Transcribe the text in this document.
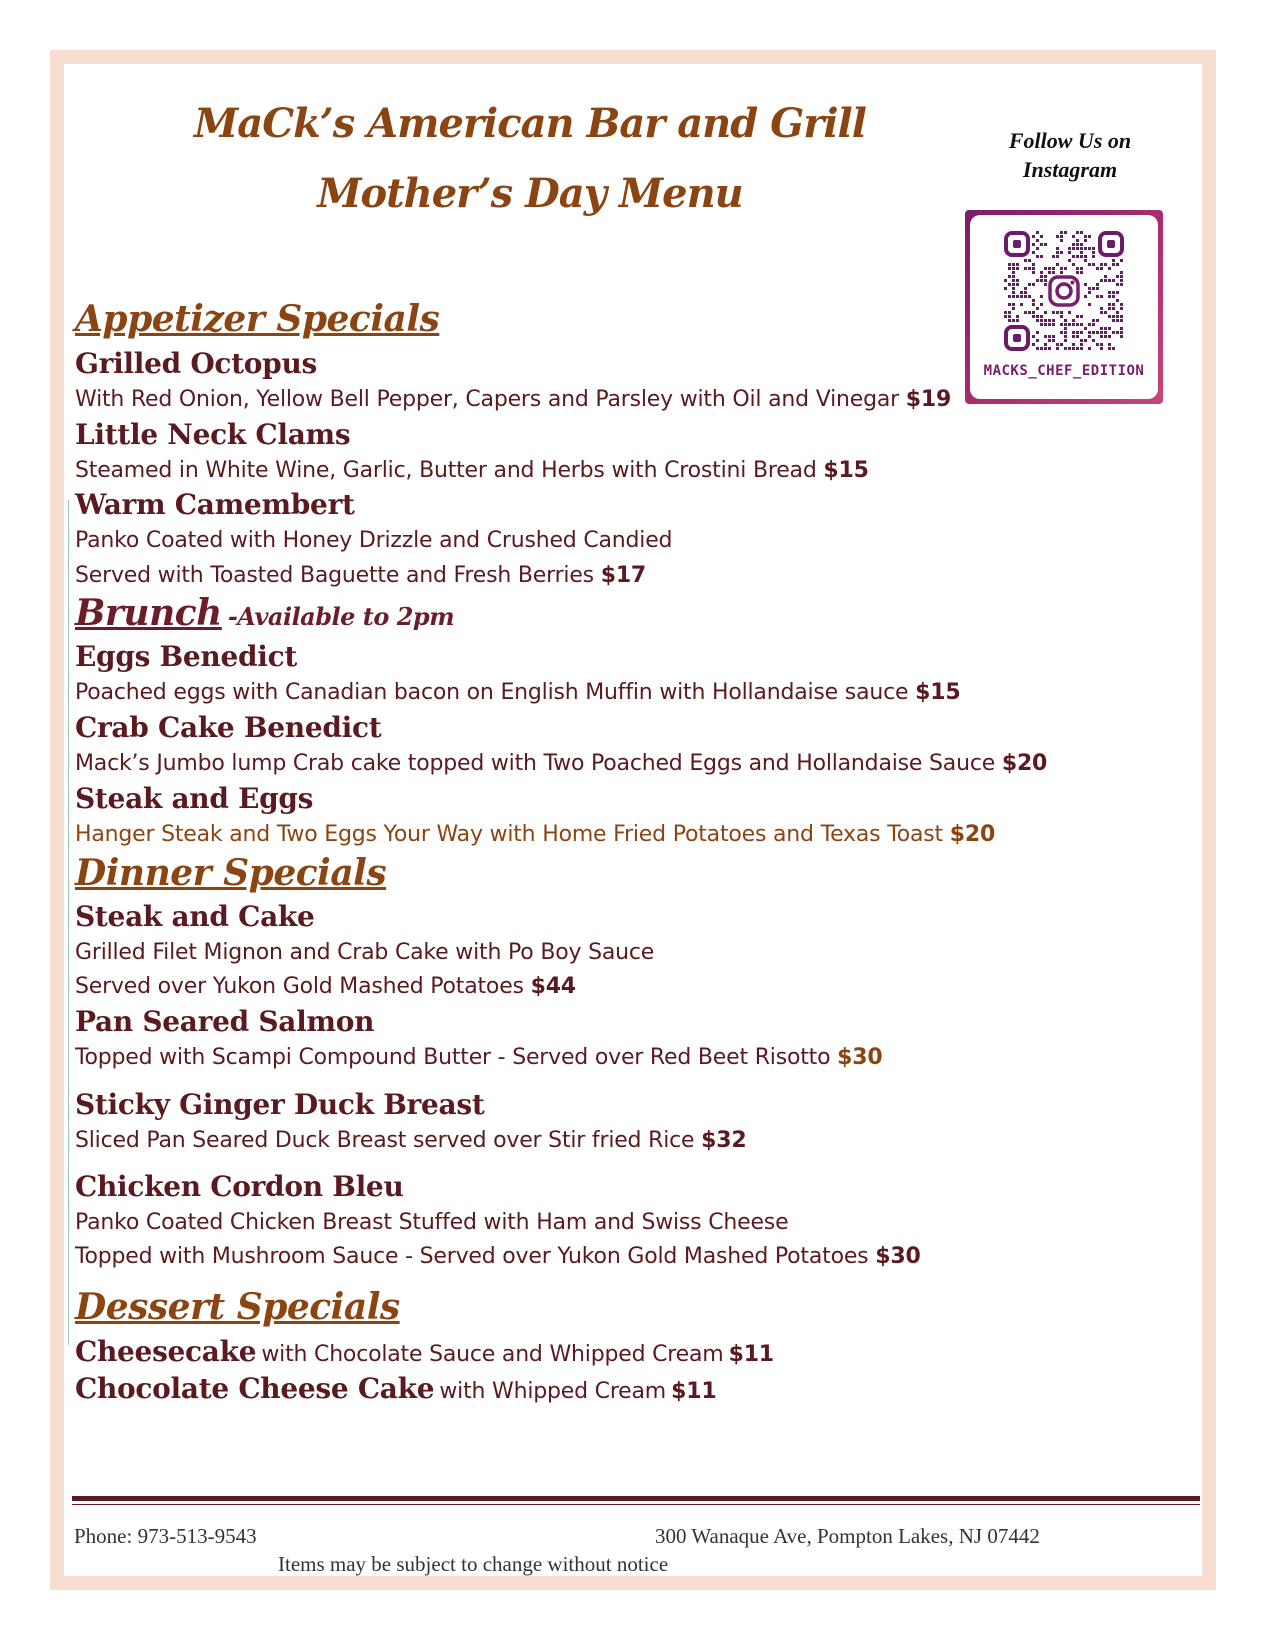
MaCk’s American Bar and Grill
Mother’s Day Menu
Follow Us on
Instagram
MACKS_CHEF_EDITION
Appetizer Specials
Grilled Octopus
With Red Onion, Yellow Bell Pepper, Capers and Parsley with Oil and Vinegar $19
Little Neck Clams
Steamed in White Wine, Garlic, Butter and Herbs with Crostini Bread $15
Warm Camembert
Panko Coated with Honey Drizzle and Crushed Candied
Served with Toasted Baguette and Fresh Berries $17
Brunch -Available to 2pm
Eggs Benedict
Poached eggs with Canadian bacon on English Muffin with Hollandaise sauce $15
Crab Cake Benedict
Mack’s Jumbo lump Crab cake topped with Two Poached Eggs and Hollandaise Sauce $20
Steak and Eggs
Hanger Steak and Two Eggs Your Way with Home Fried Potatoes and Texas Toast $20
Dinner Specials
Steak and Cake
Grilled Filet Mignon and Crab Cake with Po Boy Sauce
Served over Yukon Gold Mashed Potatoes $44
Pan Seared Salmon
Topped with Scampi Compound Butter - Served over Red Beet Risotto $30
Sticky Ginger Duck Breast
Sliced Pan Seared Duck Breast served over Stir fried Rice $32
Chicken Cordon Bleu
Panko Coated Chicken Breast Stuffed with Ham and Swiss Cheese
Topped with Mushroom Sauce - Served over Yukon Gold Mashed Potatoes $30
Dessert Specials
Cheesecake with Chocolate Sauce and Whipped Cream $11
Chocolate Cheese Cake with Whipped Cream $11
Phone: 973-513-9543	300 Wanaque Ave, Pompton Lakes, NJ 07442
Items may be subject to change without notice
